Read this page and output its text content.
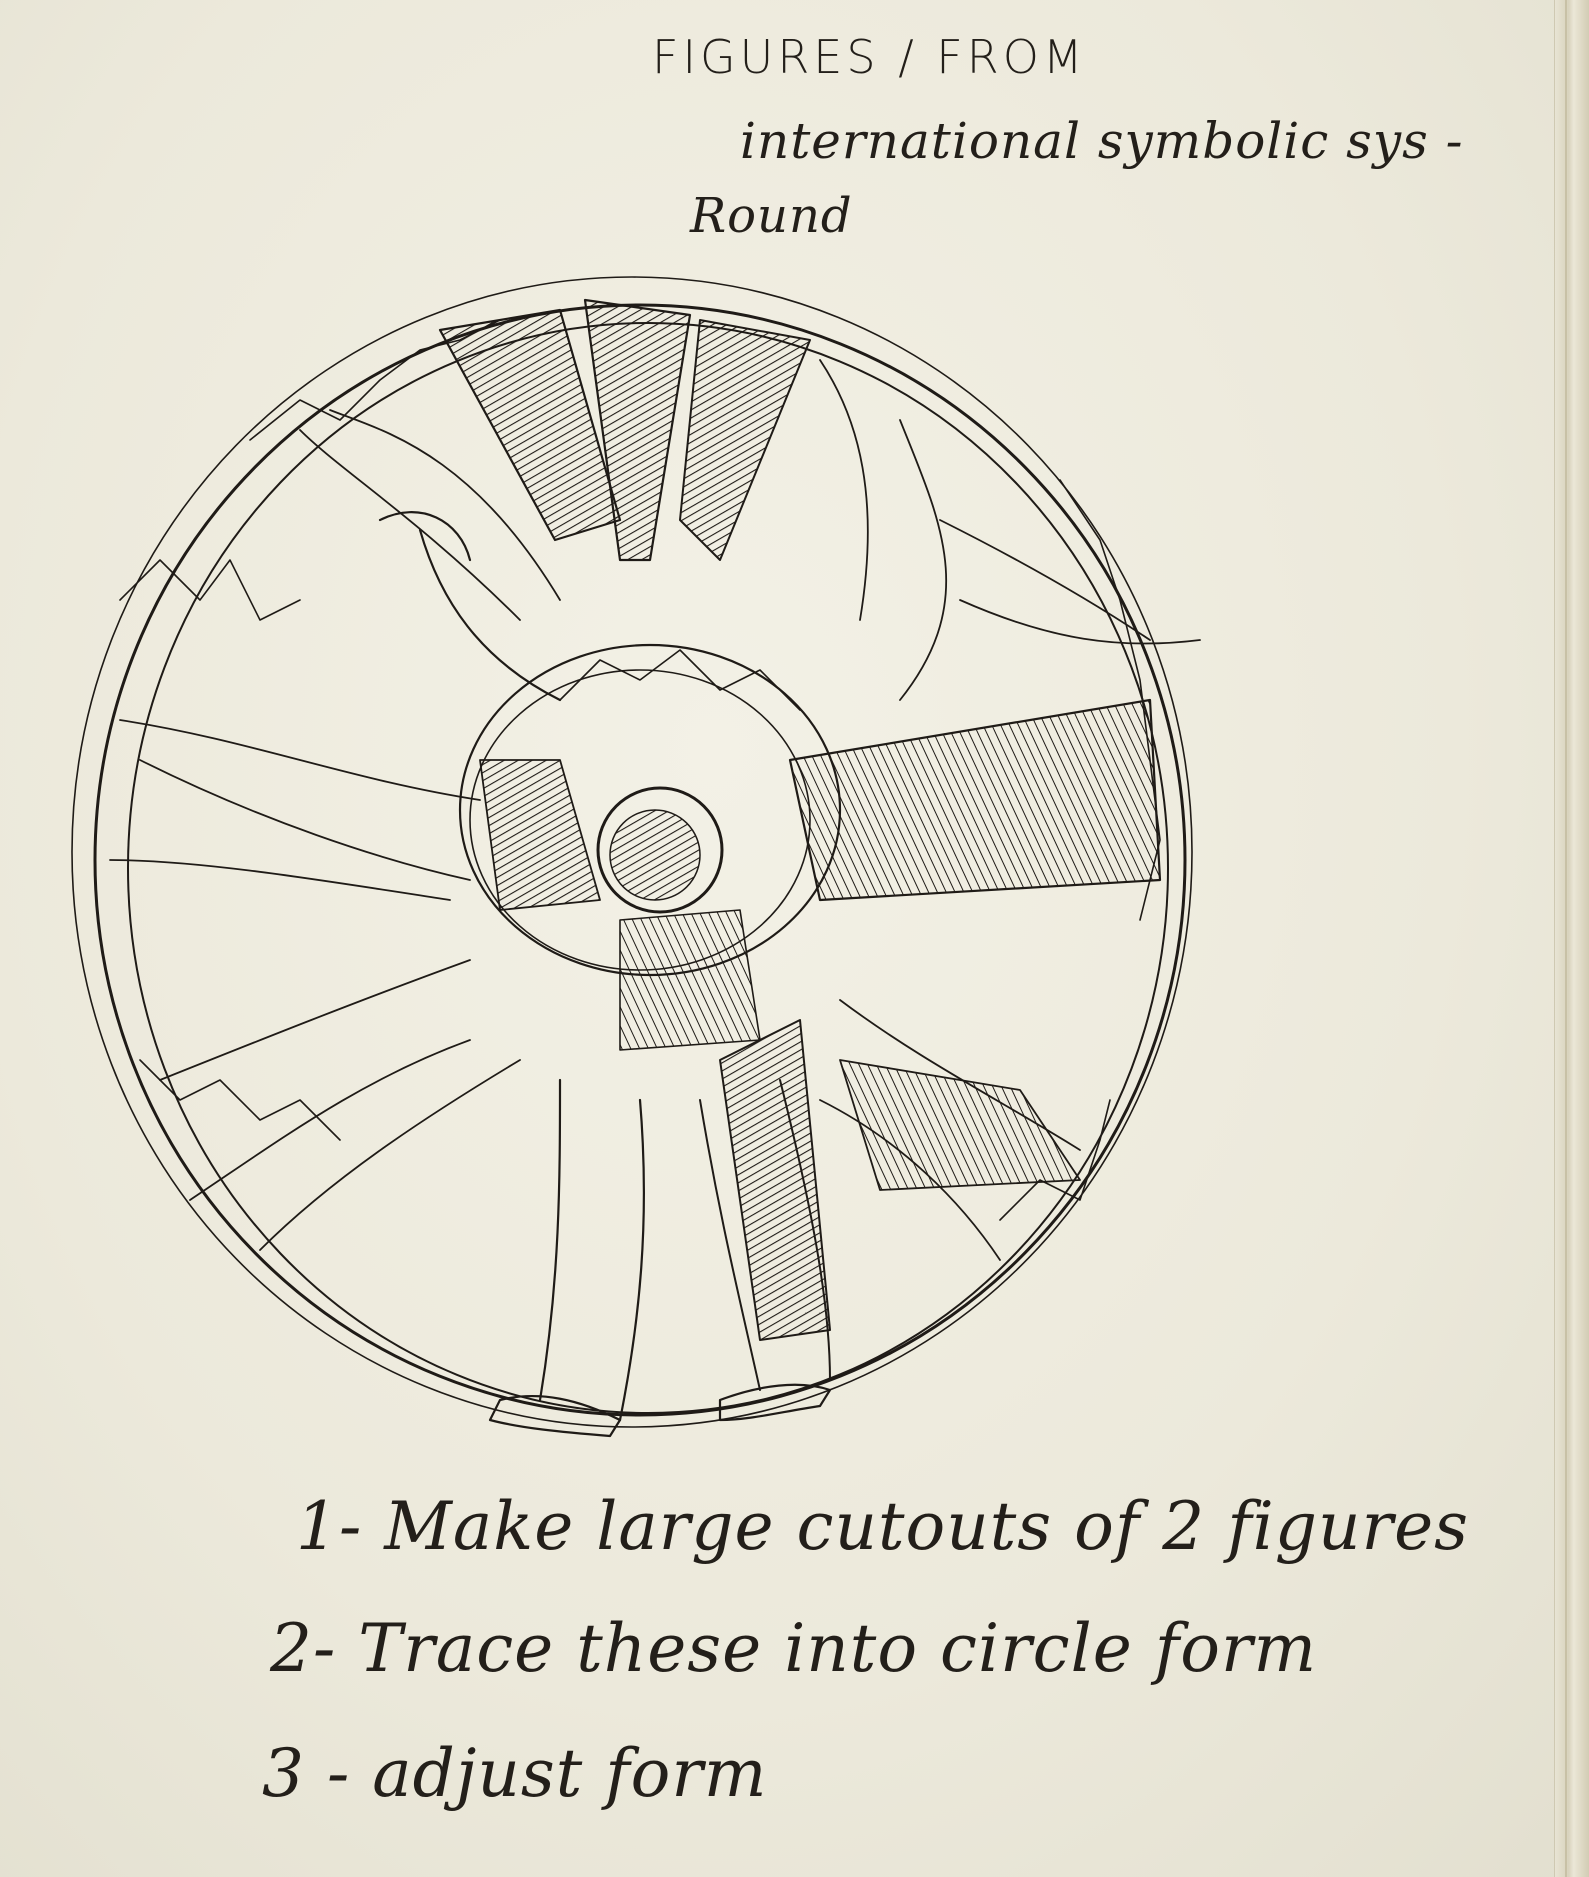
FIGURES / FROM

international symbolic sys -

Round

1- Make large cutouts of 2 figures

2- Trace these into circle form

3 - adjust form
